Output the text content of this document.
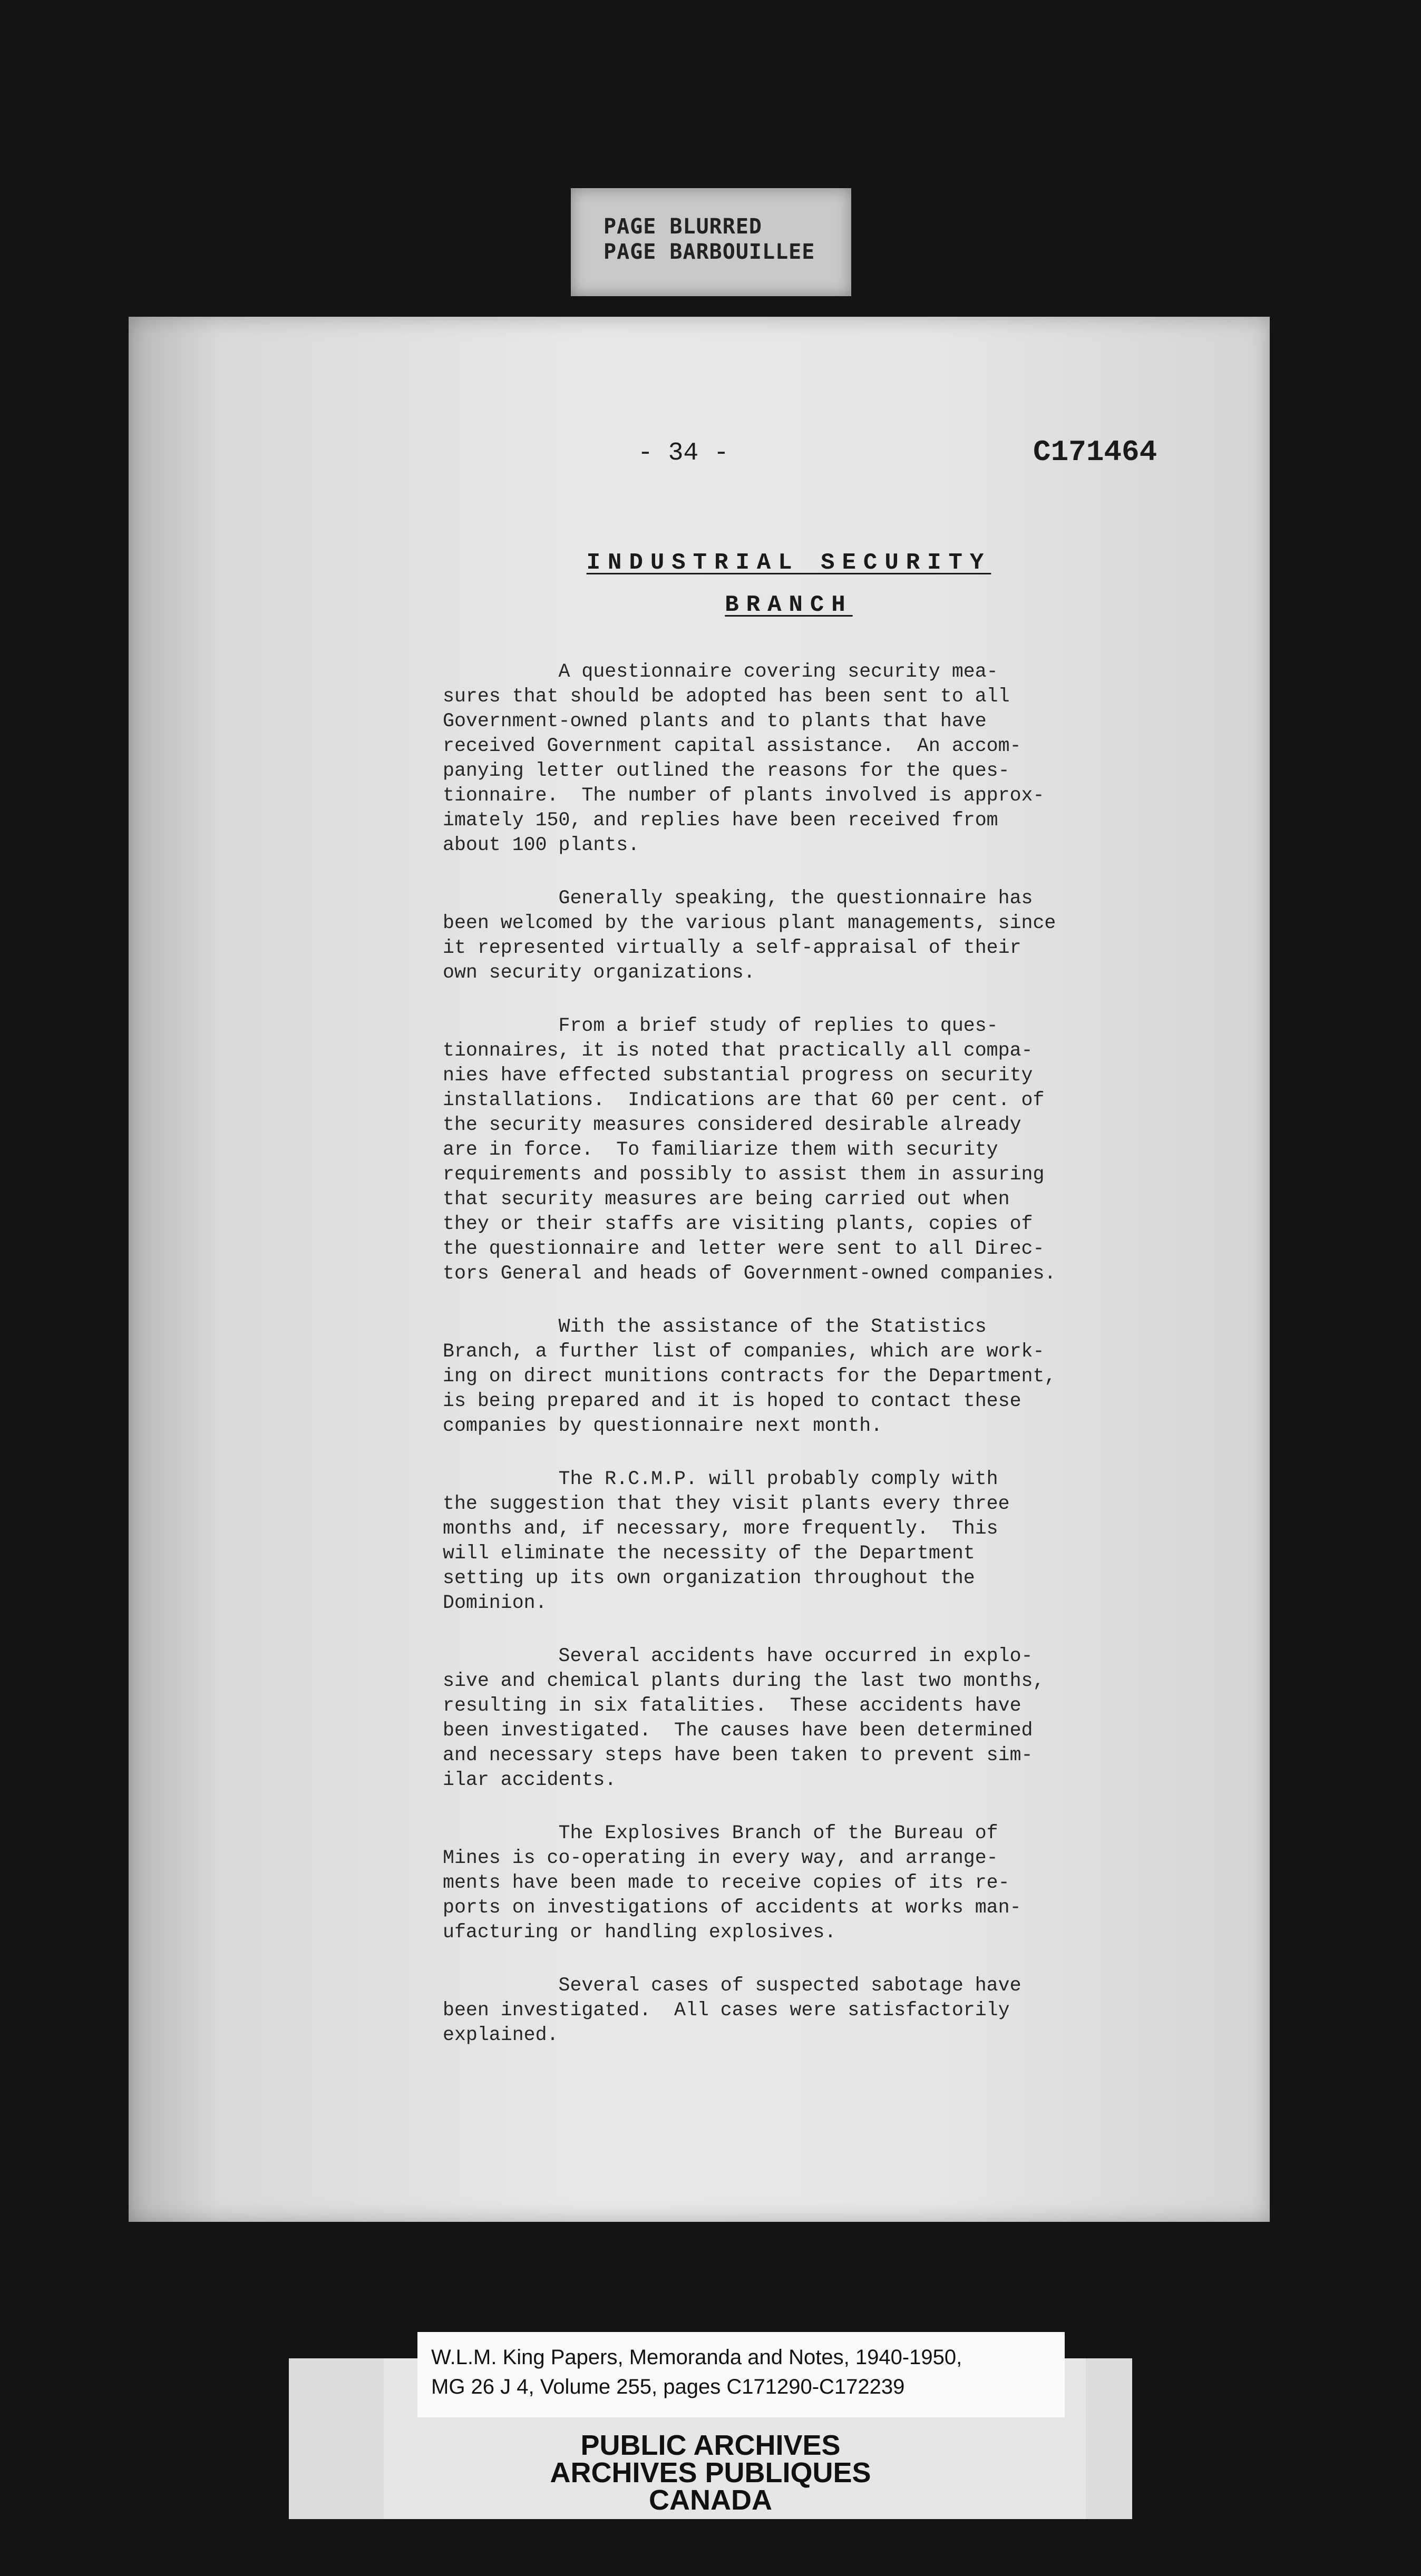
PAGE BLURRED
PAGE BARBOUILLEE
- 34 -	C171464
INDUSTRIAL SECURITY
BRANCH

A questionnaire covering security mea-
sures that should be adopted has been sent to all
Government-owned plants and to plants that have
received Government capital assistance.  An accom-
panying letter outlined the reasons for the ques-
tionnaire.  The number of plants involved is approx-
imately 150, and replies have been received from
about 100 plants.

Generally speaking, the questionnaire has
been welcomed by the various plant managements, since
it represented virtually a self-appraisal of their
own security organizations.

From a brief study of replies to ques-
tionnaires, it is noted that practically all compa-
nies have effected substantial progress on security
installations.  Indications are that 60 per cent. of
the security measures considered desirable already
are in force.  To familiarize them with security
requirements and possibly to assist them in assuring
that security measures are being carried out when
they or their staffs are visiting plants, copies of
the questionnaire and letter were sent to all Direc-
tors General and heads of Government-owned companies.

With the assistance of the Statistics
Branch, a further list of companies, which are work-
ing on direct munitions contracts for the Department,
is being prepared and it is hoped to contact these
companies by questionnaire next month.

The R.C.M.P. will probably comply with
the suggestion that they visit plants every three
months and, if necessary, more frequently.  This
will eliminate the necessity of the Department
setting up its own organization throughout the
Dominion.

Several accidents have occurred in explo-
sive and chemical plants during the last two months,
resulting in six fatalities.  These accidents have
been investigated.  The causes have been determined
and necessary steps have been taken to prevent sim-
ilar accidents.

The Explosives Branch of the Bureau of
Mines is co-operating in every way, and arrange-
ments have been made to receive copies of its re-
ports on investigations of accidents at works man-
ufacturing or handling explosives.

Several cases of suspected sabotage have
been investigated.  All cases were satisfactorily
explained.

PUBLIC ARCHIVES
ARCHIVES PUBLIQUES
CANADA
W.L.M. King Papers, Memoranda and Notes, 1940-1950,
MG 26 J 4, Volume 255, pages C171290-C172239
